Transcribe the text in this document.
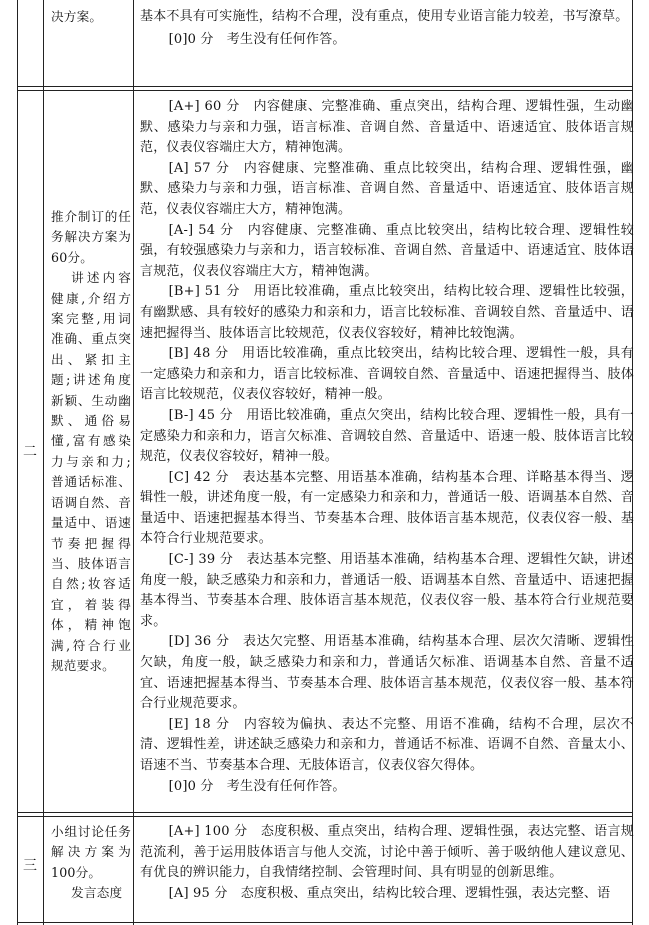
决方案。	基本不具有可实施性，结构不合理，没有重点，使用专业语言能力较差，书写潦草。

[0]0 分　考生没有任何作答。

二

推介制订的任务解决方案为60分。

讲述内容健康,介绍方案完整,用词准确、重点突出、紧扣主题;讲述角度新颖、生动幽默、通俗易懂,富有感染力与亲和力;普通话标准、语调自然、音量适中、语速节奏把握得当、肢体语言自然;妆容适宜，着装得体，精神饱满,符合行业规范要求。

[A+] 60 分　内容健康、完整准确、重点突出，结构合理、逻辑性强，生动幽默、感染力与亲和力强，语言标准、音调自然、音量适中、语速适宜、肢体语言规范，仪表仪容端庄大方，精神饱满。

[A] 57 分　内容健康、完整准确、重点比较突出，结构合理、逻辑性强，幽默、感染力与亲和力强，语言标准、音调自然、音量适中、语速适宜、肢体语言规范，仪表仪容端庄大方，精神饱满。

[A-] 54 分　内容健康、完整准确、重点比较突出，结构比较合理、逻辑性较强，有较强感染力与亲和力，语言较标准、音调自然、音量适中、语速适宜、肢体语言规范，仪表仪容端庄大方，精神饱满。

[B+] 51 分　用语比较准确，重点比较突出，结构比较合理、逻辑性比较强，有幽默感、具有较好的感染力和亲和力，语言比较标准、音调较自然、音量适中、语速把握得当、肢体语言比较规范，仪表仪容较好，精神比较饱满。

[B] 48 分　用语比较准确，重点比较突出，结构比较合理、逻辑性一般，具有一定感染力和亲和力，语言比较标准、音调较自然、音量适中、语速把握得当、肢体语言比较规范，仪表仪容较好，精神一般。

[B-] 45 分　用语比较准确，重点欠突出，结构比较合理、逻辑性一般，具有一定感染力和亲和力，语言欠标准、音调较自然、音量适中、语速一般、肢体语言比较规范，仪表仪容较好，精神一般。

[C] 42 分　表达基本完整、用语基本准确，结构基本合理、详略基本得当、逻辑性一般，讲述角度一般，有一定感染力和亲和力，普通话一般、语调基本自然、音量适中、语速把握基本得当、节奏基本合理、肢体语言基本规范，仪表仪容一般、基本符合行业规范要求。

[C-] 39 分　表达基本完整、用语基本准确，结构基本合理、逻辑性欠缺，讲述角度一般，缺乏感染力和亲和力，普通话一般、语调基本自然、音量适中、语速把握基本得当、节奏基本合理、肢体语言基本规范，仪表仪容一般、基本符合行业规范要求。

[D] 36 分　表达欠完整、用语基本准确，结构基本合理、层次欠清晰、逻辑性欠缺，角度一般，缺乏感染力和亲和力，普通话欠标准、语调基本自然、音量不适宜、语速把握基本得当、节奏基本合理、肢体语言基本规范，仪表仪容一般、基本符合行业规范要求。

[E] 18 分　内容较为偏执、表达不完整、用语不准确，结构不合理，层次不清、逻辑性差，讲述缺乏感染力和亲和力，普通话不标准、语调不自然、音量太小、语速不当、节奏基本合理、无肢体语言，仪表仪容欠得体。

[0]0 分　考生没有任何作答。

三

小组讨论任务解决方案为100分。

发言态度

[A+] 100 分　态度积极、重点突出，结构合理、逻辑性强，表达完整、语言规范流利，善于运用肢体语言与他人交流，讨论中善于倾听、善于吸纳他人建议意见、有优良的辨识能力，自我情绪控制、会管理时间、具有明显的创新思维。

[A] 95 分　态度积极、重点突出，结构比较合理、逻辑性强，表达完整、语
